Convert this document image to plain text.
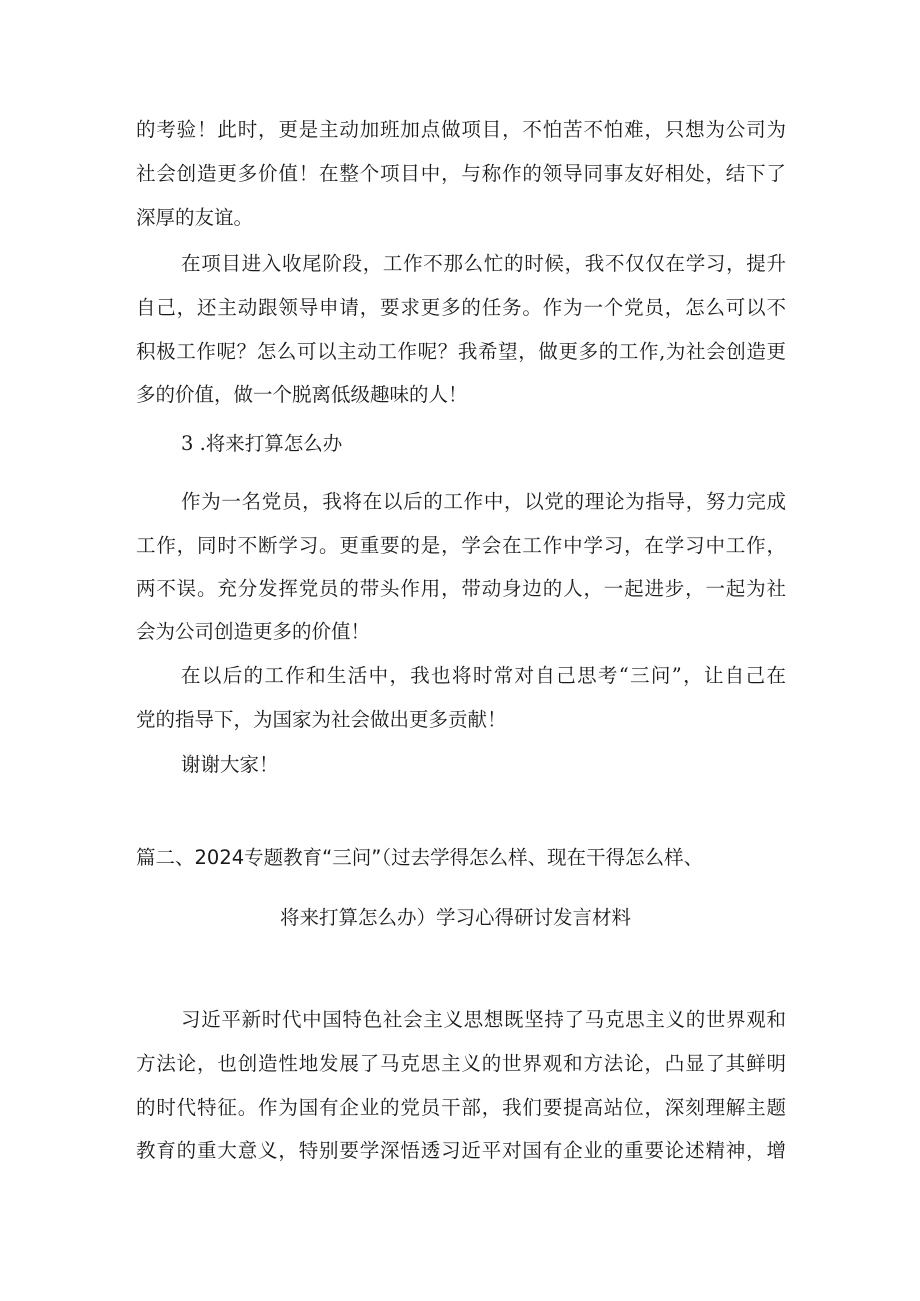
的考验！此时，更是主动加班加点做项目，不怕苦不怕难，只想为公司为
社会创造更多价值！在整个项目中，与称作的领导同事友好相处，结下了
深厚的友谊。
在项目进入收尾阶段，工作不那么忙的时候，我不仅仅在学习，提升
自己，还主动跟领导申请，要求更多的任务。作为一个党员，怎么可以不
积极工作呢？怎么可以主动工作呢？我希望，做更多的工作,为社会创造更
多的价值，做一个脱离低级趣味的人！
3 .将来打算怎么办
作为一名党员，我将在以后的工作中，以党的理论为指导，努力完成
工作，同时不断学习。更重要的是，学会在工作中学习，在学习中工作，
两不误。充分发挥党员的带头作用，带动身边的人，一起进步，一起为社
会为公司创造更多的价值！
在以后的工作和生活中，我也将时常对自己思考“三问”，让自己在
党的指导下，为国家为社会做出更多贡献！
谢谢大家！
篇二、2024专题教育“三问”（过去学得怎么样、现在干得怎么样、
将来打算怎么办）学习心得研讨发言材料
习近平新时代中国特色社会主义思想既坚持了马克思主义的世界观和
方法论，也创造性地发展了马克思主义的世界观和方法论，凸显了其鲜明
的时代特征。作为国有企业的党员干部，我们要提高站位，深刻理解主题
教育的重大意义，特别要学深悟透习近平对国有企业的重要论述精神，增
